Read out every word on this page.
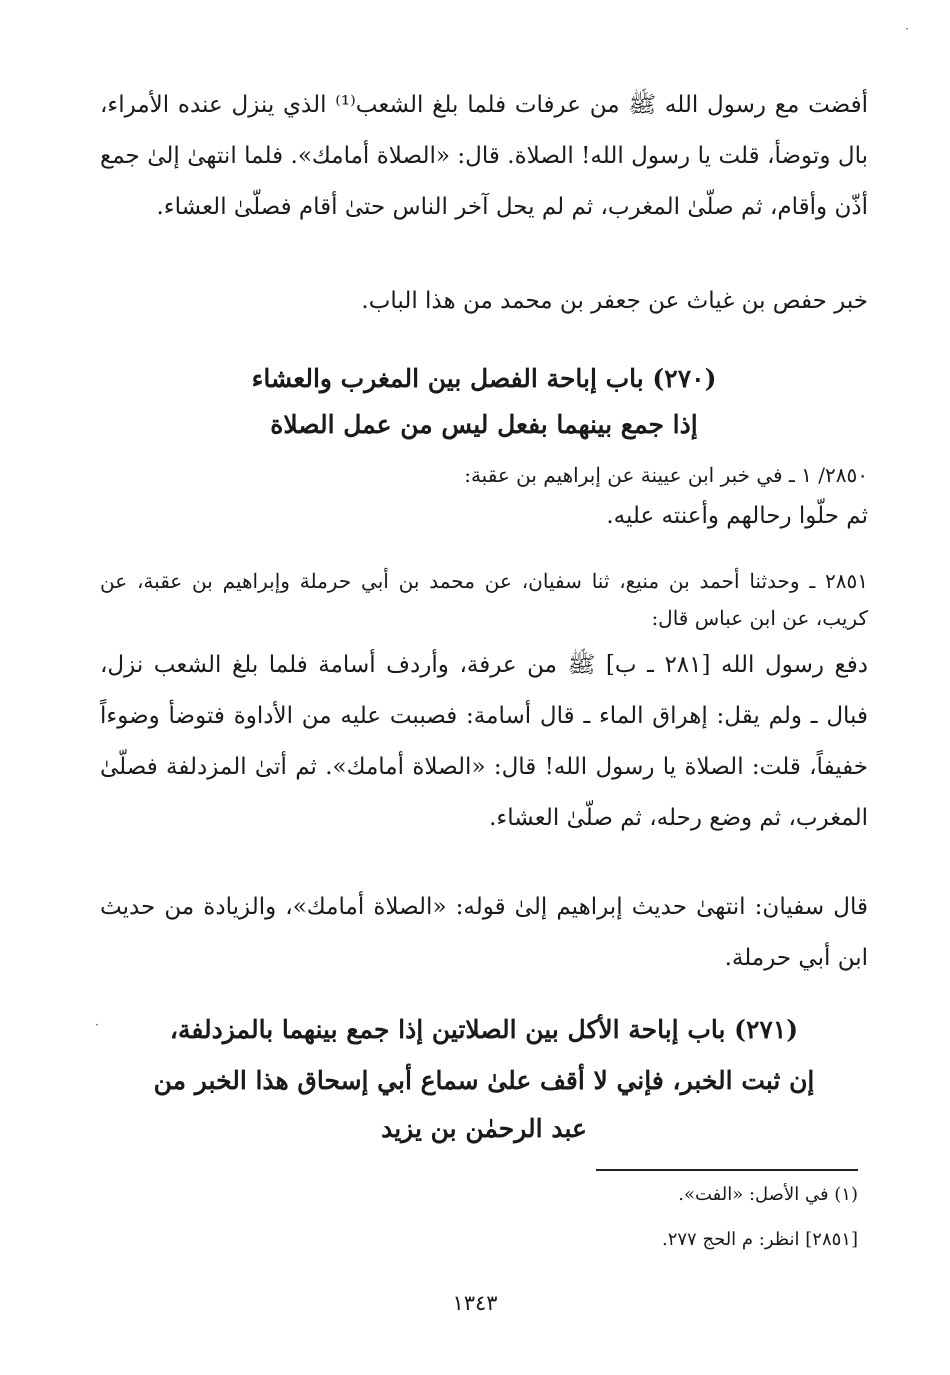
أفضت مع رسول الله ﷺ من عرفات فلما بلغ الشعب⁽¹⁾ الذي ينزل عنده الأمراء، بال وتوضأ، قلت يا رسول الله! الصلاة. قال: «الصلاة أمامك». فلما انتهىٰ إلىٰ جمع أذّن وأقام، ثم صلّىٰ المغرب، ثم لم يحل آخر الناس حتىٰ أقام فصلّىٰ العشاء.

خبر حفص بن غياث عن جعفر بن محمد من هذا الباب.

(٢٧٠) باب إباحة الفصل بين المغرب والعشاء

إذا جمع بينهما بفعل ليس من عمل الصلاة

٢٨٥٠/ ١ ـ في خبر ابن عيينة عن إبراهيم بن عقبة:

ثم حلّوا رحالهم وأعنته عليه.

٢٨٥١ ـ وحدثنا أحمد بن منيع، ثنا سفيان، عن محمد بن أبي حرملة وإبراهيم بن عقبة، عن كريب، عن ابن عباس قال:

دفع رسول الله [٢٨١ ـ ب] ﷺ من عرفة، وأردف أسامة فلما بلغ الشعب نزل، فبال ـ ولم يقل: إهراق الماء ـ قال أسامة: فصببت عليه من الأداوة فتوضأ وضوءاً خفيفاً، قلت: الصلاة يا رسول الله! قال: «الصلاة أمامك». ثم أتىٰ المزدلفة فصلّىٰ المغرب، ثم وضع رحله، ثم صلّىٰ العشاء.

قال سفيان: انتهىٰ حديث إبراهيم إلىٰ قوله: «الصلاة أمامك»، والزيادة من حديث ابن أبي حرملة.

(٢٧١) باب إباحة الأكل بين الصلاتين إذا جمع بينهما بالمزدلفة،

إن ثبت الخبر، فإني لا أقف علىٰ سماع أبي إسحاق هذا الخبر من

عبد الرحمٰن بن يزيد

(١) في الأصل: «الفت».

[٢٨٥١] انظر: م الحج ٢٧٧.

١٣٤٣

·
·
